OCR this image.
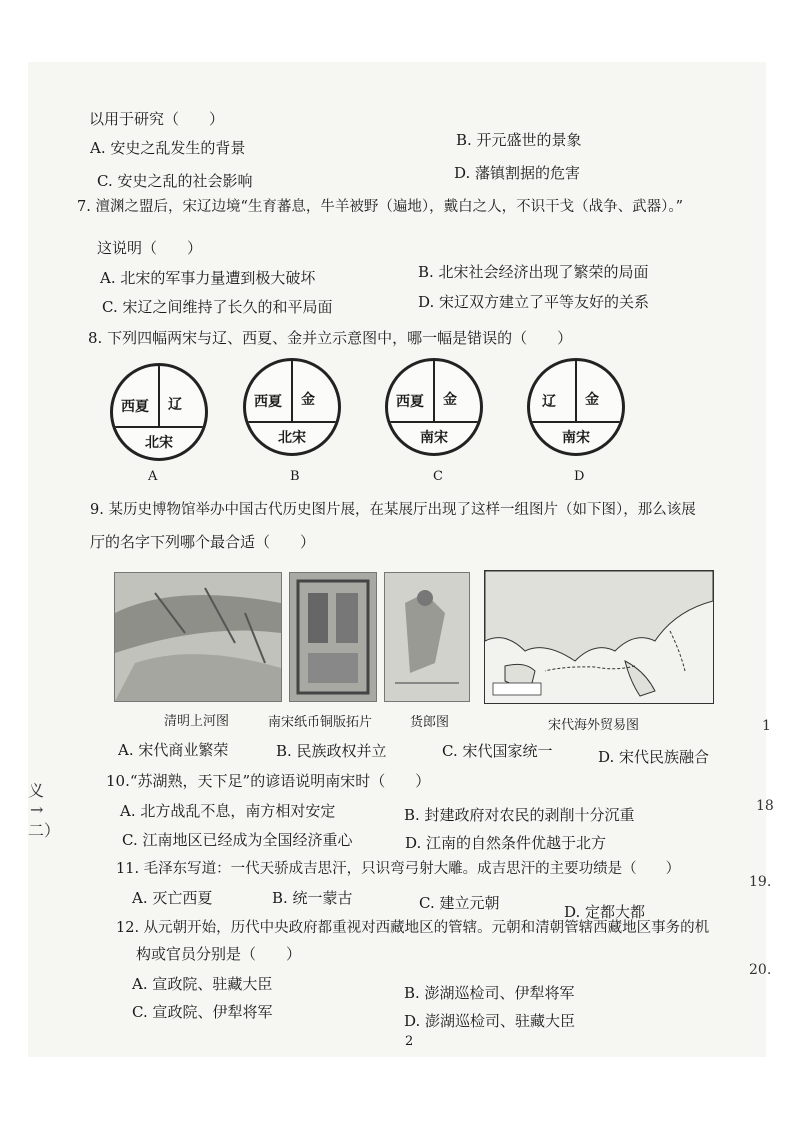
以用于研究（　　）
A. 安史之乱发生的背景	B. 开元盛世的景象
C. 安史之乱的社会影响	D. 藩镇割据的危害
7. 澶渊之盟后，宋辽边境“生育蕃息，牛羊被野（遍地），戴白之人，不识干戈（战争、武器）。”
这说明（　　）
A. 北宋的军事力量遭到极大破坏	B. 北宋社会经济出现了繁荣的局面
C. 宋辽之间维持了长久的和平局面	D. 宋辽双方建立了平等友好的关系
8. 下列四幅两宋与辽、西夏、金并立示意图中，哪一幅是错误的（　　）
西夏 辽
北宋
A
西夏 金
北宋
B
西夏 金
南宋
C
辽 金
南宋
D
9. 某历史博物馆举办中国古代历史图片展，在某展厅出现了这样一组图片（如下图），那么该展
厅的名字下列哪个最合适（　　）
清明上河图	南宋纸币铜版拓片	货郎图	宋代海外贸易图
A. 宋代商业繁荣	B. 民族政权并立	C. 宋代国家统一	D. 宋代民族融合
10.“苏湖熟，天下足”的谚语说明南宋时（　　）
A. 北方战乱不息，南方相对安定	B. 封建政府对农民的剥削十分沉重
C. 江南地区已经成为全国经济重心	D. 江南的自然条件优越于北方
11. 毛泽东写道：一代天骄成吉思汗，只识弯弓射大雕。成吉思汗的主要功绩是（　　）
A. 灭亡西夏	B. 统一蒙古	C. 建立元朝	D. 定都大都
12. 从元朝开始，历代中央政府都重视对西藏地区的管辖。元朝和清朝管辖西藏地区事务的机
构或官员分别是（　　）
A. 宣政院、驻藏大臣	B. 澎湖巡检司、伊犁将军
C. 宣政院、伊犁将军	D. 澎湖巡检司、驻藏大臣
2
义
→
二）
1
18
19.
20.
